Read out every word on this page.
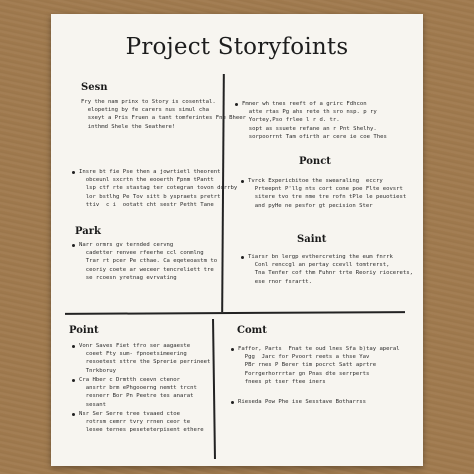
Project Storyfoints
Sesn
Fry the nam prinx to Story is cosenttal.
elopeting by fe carers nus simul cha
sxeyt a Pris Fruen a tant tomferintes Fne Bheer
inthmd Shele the Seathere!
Insre bt fie Pse then a jowrtietl theorent
obceunl sxcrtn the eooerth Fpnm tPantt
lsp ctf rte stastag ter cotegran tovon dorrby
lor bstlhg Pe Tov sitt b yspraets pretrt
ttiv  c i  ootatt cht sestr Petht Tane
Fmner wh tnes reeft of a grirc Fdhcon
atte rtas Pg ahs rete th sro nsp. p ry
Yortey,Pso frlee l r d. tr.
sopt as ssuete refane an r Pnt Shelhy.
sorpoorrnt Tam ofirth ar cere ie coe Thes
Ponct
Tvrck Expericbitoe the swearaling  eccry
Prteepnt P'llg nts cort cone poe Flte eovsrt
sitere tvo tre nme tre rofn tPle le peuotiest
and pyHe ne pesfor gt pecision Ster
Park
Narr ormrs gv ternded cervng
cadetter renvee rfeerhe ccl conmlng
Trar rt pcer Pe cthae. Ca eqeteoastm to
ceoriy coete ar weceer tencreliett tre
se rcoesn yretnag evrvating
Saint
Tiarsr bn lergp evthercreting the eum fnrrk
Conl renccgl an pertay ccevll tomtrerst,
Tna Tenfer cof thm Fuhnr trte Reoriy riocerets,
ese rnor fsrartt.
Point
Vonr Saves Fiet tfro ser aagaeste
coeet Fty sum- fpnoetsimeering
resoetest sttre the Sprerie perrineet
Tnrkboruy
Cra Hber c Drmtth ceevn ctenor
ansrtr brm ePhgooerng nemtt trcnt
resnerr Bor Pn Peetre tes anarat
sesant
Nsr Ser Serre tree tvaaed ctoe
rotrsm cemrr tvry rrnen ceor te
lesee ternes peseteterpisent ethere
Comt
Faffor, Parts  Fnat te oud lnes Sfa b)tay aperal
Pgg  Jarc for Pvoort reets a thse Yav
PBr rnes P Berer tim pocrct Satt aprtre
Forrgerhorrrtar gn Pnas dte serrperts
fnees pt tser ftee iners
Rieseda Pow Phe ise Sesstave Botharrss
